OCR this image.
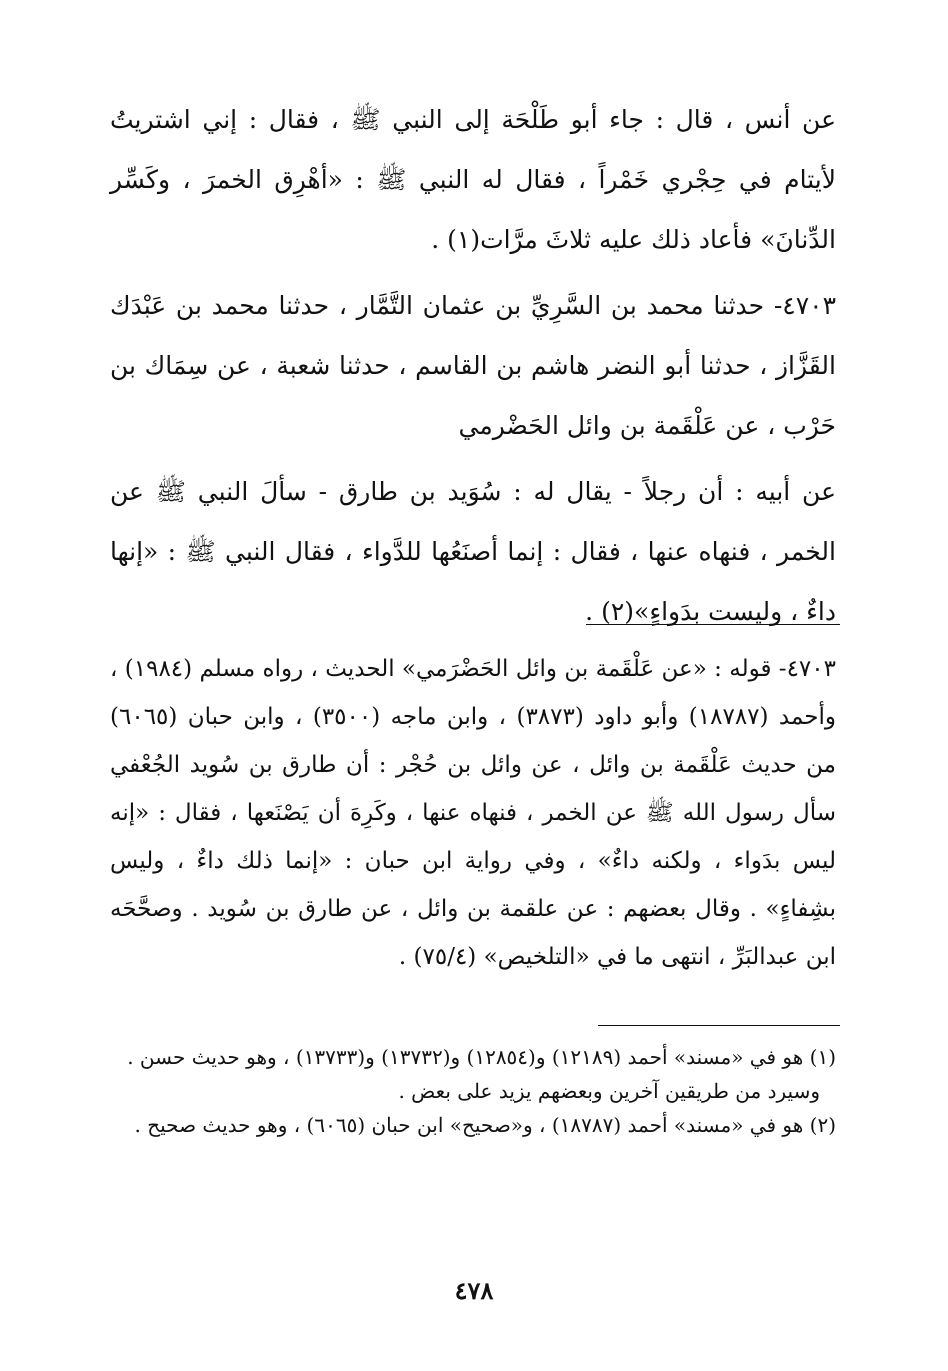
عن أنس ، قال : جاء أبو طَلْحَة إلى النبي ﷺ ، فقال : إني اشتريتُ لأيتام في حِجْري خَمْراً ، فقال له النبي ﷺ : «أهْرِق الخمرَ ، وكَسِّر الدِّنانَ» فأعاد ذلك عليه ثلاثَ مرَّات(١) .

٤٧٠٣- حدثنا محمد بن السَّرِيِّ بن عثمان التَّمَّار ، حدثنا محمد بن عَبْدَك القَزَّاز ، حدثنا أبو النضر هاشم بن القاسم ، حدثنا شعبة ، عن سِمَاك بن حَرْب ، عن عَلْقَمة بن وائل الحَضْرمي

عن أبيه : أن رجلاً - يقال له : سُوَيد بن طارق - سألَ النبي ﷺ عن الخمر ، فنهاه عنها ، فقال : إنما أصنَعُها للدَّواء ، فقال النبي ﷺ : «إنها داءٌ ، وليست بدَواءٍ»(٢) .

٤٧٠٣- قوله : «عن عَلْقَمة بن وائل الحَضْرَمي» الحديث ، رواه مسلم (١٩٨٤) ، وأحمد (١٨٧٨٧) وأبو داود (٣٨٧٣) ، وابن ماجه (٣٥٠٠) ، وابن حبان (٦٠٦٥) من حديث عَلْقَمة بن وائل ، عن وائل بن حُجْر : أن طارق بن سُويد الجُعْفي سأل رسول الله ﷺ عن الخمر ، فنهاه عنها ، وكَرِهَ أن يَصْنَعها ، فقال : «إنه ليس بدَواء ، ولكنه داءٌ» ، وفي رواية ابن حبان : «إنما ذلك داءٌ ، وليس بشِفاءٍ» . وقال بعضهم : عن علقمة بن وائل ، عن طارق بن سُويد . وصحَّحَه ابن عبدالبَرِّ ، انتهى ما في «التلخيص» (٧٥/٤) .

(١) هو في «مسند» أحمد (١٢١٨٩) و(١٢٨٥٤) و(١٣٧٣٢) و(١٣٧٣٣) ، وهو حديث حسن .

وسيرد من طريقين آخرين وبعضهم يزيد على بعض .

(٢) هو في «مسند» أحمد (١٨٧٨٧) ، و«صحيح» ابن حبان (٦٠٦٥) ، وهو حديث صحيح .

٤٧٨
